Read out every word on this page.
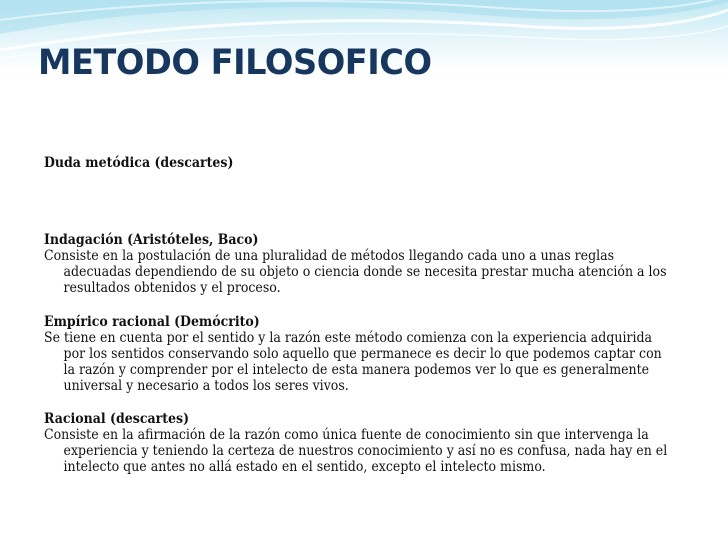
METODO FILOSOFICO

Duda metódica (descartes)

Indagación (Aristóteles, Baco)

Consiste en la postulación de una pluralidad de métodos llegando cada uno a unas reglas adecuadas dependiendo de su objeto o ciencia donde se necesita prestar mucha atención a los resultados obtenidos y el proceso.

Empírico racional (Demócrito)

Se tiene en cuenta por el sentido y la razón este método comienza con la experiencia adquirida por los sentidos conservando solo aquello que permanece es decir lo que podemos captar con la razón y comprender por el intelecto de esta manera podemos ver lo que es generalmente universal y necesario a todos los seres vivos.

Racional (descartes)

Consiste en la afirmación de la razón como única fuente de conocimiento sin que intervenga la experiencia y teniendo la certeza de nuestros conocimiento y así no es confusa, nada hay en el intelecto que antes no allá estado en el sentido, excepto el intelecto mismo.
